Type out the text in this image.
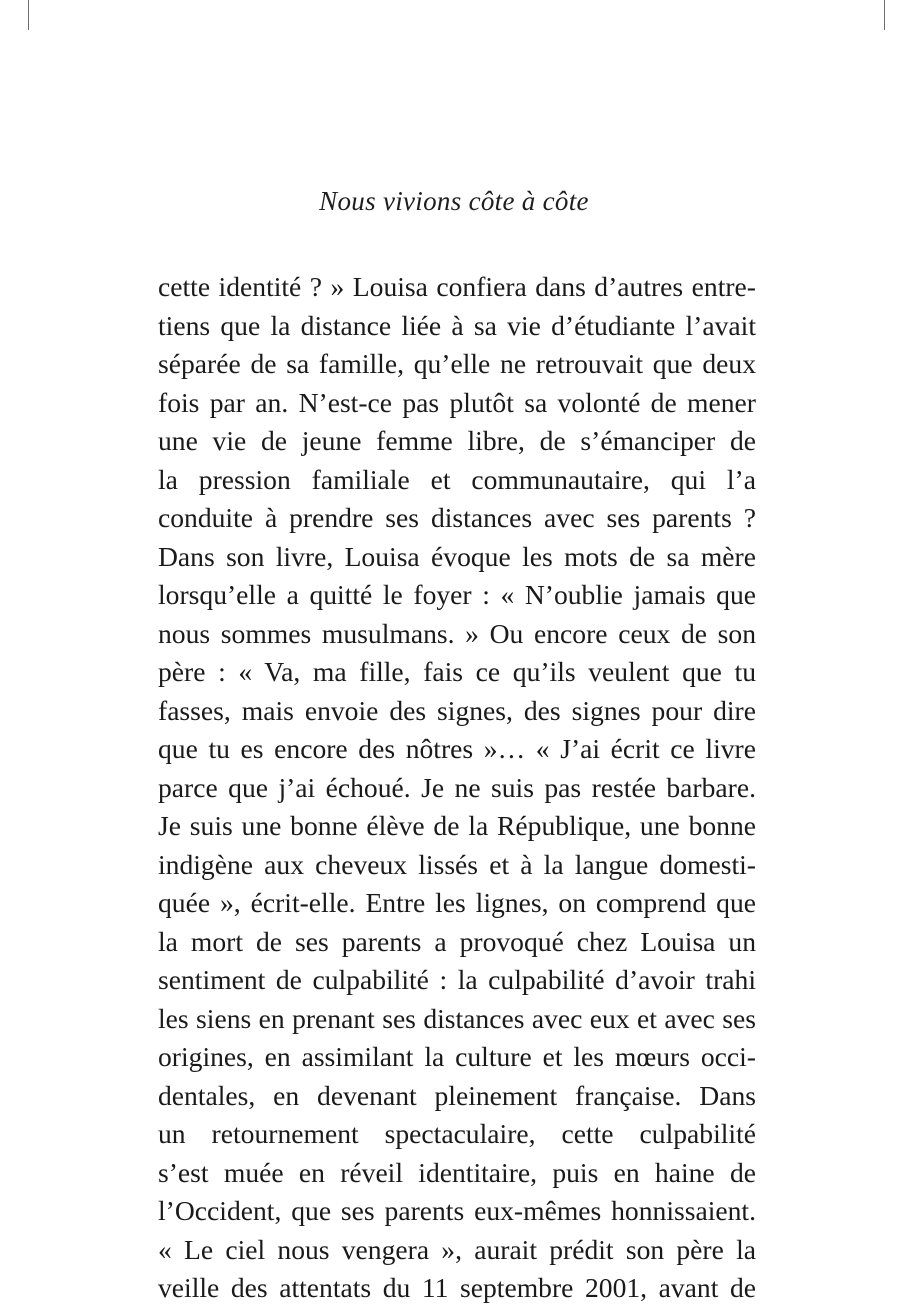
Nous vivions côte à côte
cette identité ? » Louisa confiera dans d’autres entre-
tiens que la distance liée à sa vie d’étudiante l’avait
séparée de sa famille, qu’elle ne retrouvait que deux
fois par an. N’est-ce pas plutôt sa volonté de mener
une vie de jeune femme libre, de s’émanciper de
la pression familiale et communautaire, qui l’a
conduite à prendre ses distances avec ses parents ?
Dans son livre, Louisa évoque les mots de sa mère
lorsqu’elle a quitté le foyer : « N’oublie jamais que
nous sommes musulmans. » Ou encore ceux de son
père : « Va, ma fille, fais ce qu’ils veulent que tu
fasses, mais envoie des signes, des signes pour dire
que tu es encore des nôtres »… « J’ai écrit ce livre
parce que j’ai échoué. Je ne suis pas restée barbare.
Je suis une bonne élève de la République, une bonne
indigène aux cheveux lissés et à la langue domesti-
quée », écrit-elle. Entre les lignes, on comprend que
la mort de ses parents a provoqué chez Louisa un
sentiment de culpabilité : la culpabilité d’avoir trahi
les siens en prenant ses distances avec eux et avec ses
origines, en assimilant la culture et les mœurs occi-
dentales, en devenant pleinement française. Dans
un retournement spectaculaire, cette culpabilité
s’est muée en réveil identitaire, puis en haine de
l’Occident, que ses parents eux-mêmes honnissaient.
« Le ciel nous vengera », aurait prédit son père la
veille des attentats du 11 septembre 2001, avant de
